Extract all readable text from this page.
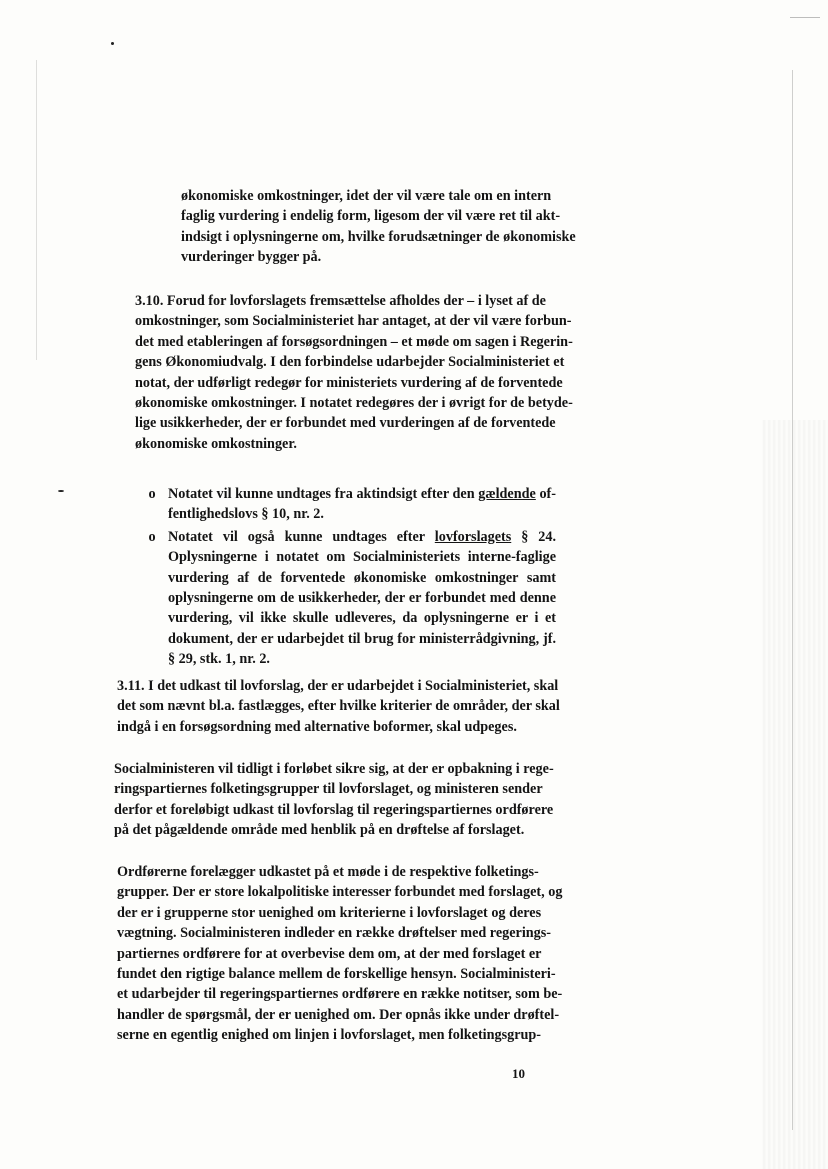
økonomiske omkostninger, idet der vil være tale om en intern
faglig vurdering i endelig form, ligesom der vil være ret til akt-
indsigt i oplysningerne om, hvilke forudsætninger de økonomiske
vurderinger bygger på.

3.10. Forud for lovforslagets fremsættelse afholdes der – i lyset af de
omkostninger, som Socialministeriet har antaget, at der vil være forbun-
det med etableringen af forsøgsordningen – et møde om sagen i Regerin-
gens Økonomiudvalg. I den forbindelse udarbejder Socialministeriet et
notat, der udførligt redegør for ministeriets vurdering af de forventede
økonomiske omkostninger. I notatet redegøres der i øvrigt for de betyde-
lige usikkerheder, der er forbundet med vurderingen af de forventede
økonomiske omkostninger.

o Notatet vil kunne undtages fra aktindsigt efter den gældende of-fentlighedslovs § 10, nr. 2.
o Notatet vil også kunne undtages efter lovforslagets § 24. Oplysningerne i notatet om Socialministeriets interne-faglige vurdering af de forventede økonomiske omkostninger samt oplysningerne om de usikkerheder, der er forbundet med denne vurdering, vil ikke skulle udleveres, da oplysningerne er i et dokument, der er udarbejdet til brug for ministerrådgivning, jf. § 29, stk. 1, nr. 2.

3.11. I det udkast til lovforslag, der er udarbejdet i Socialministeriet, skal
det som nævnt bl.a. fastlægges, efter hvilke kriterier de områder, der skal
indgå i en forsøgsordning med alternative boformer, skal udpeges.

Socialministeren vil tidligt i forløbet sikre sig, at der er opbakning i rege-
ringspartiernes folketingsgrupper til lovforslaget, og ministeren sender
derfor et foreløbigt udkast til lovforslag til regeringspartiernes ordførere
på det pågældende område med henblik på en drøftelse af forslaget.

Ordførerne forelægger udkastet på et møde i de respektive folketings-
grupper. Der er store lokalpolitiske interesser forbundet med forslaget, og
der er i grupperne stor uenighed om kriterierne i lovforslaget og deres
vægtning. Socialministeren indleder en række drøftelser med regerings-
partiernes ordførere for at overbevise dem om, at der med forslaget er
fundet den rigtige balance mellem de forskellige hensyn. Socialministeri-
et udarbejder til regeringspartiernes ordførere en række notitser, som be-
handler de spørgsmål, der er uenighed om. Der opnås ikke under drøftel-
serne en egentlig enighed om linjen i lovforslaget, men folketingsgrup-

10
